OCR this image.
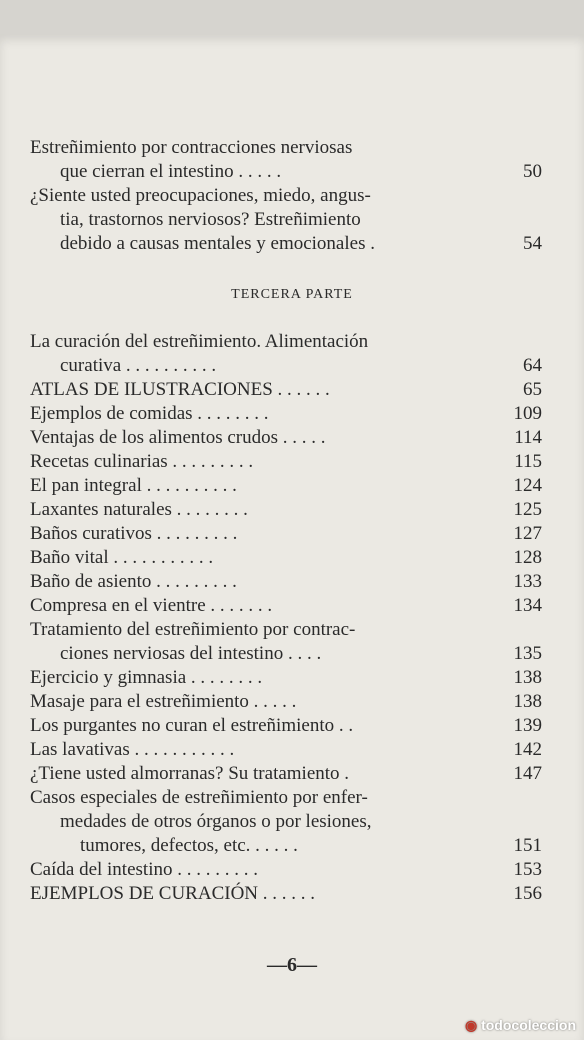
Estreñimiento por contracciones nerviosas
que cierran el intestino . . . . .	50
¿Siente usted preocupaciones, miedo, angus-
tia, trastornos nerviosos? Estreñimiento
debido a causas mentales y emocionales .	54
La curación del estreñimiento. Alimentación
curativa . . . . . . . . . .	64
ATLAS DE ILUSTRACIONES . . . . . .	65
Ejemplos de comidas . . . . . . . .	109
Ventajas de los alimentos crudos . . . . .	114
Recetas culinarias . . . . . . . . .	115
El pan integral . . . . . . . . . .	124
Laxantes naturales . . . . . . . .	125
Baños curativos . . . . . . . . .	127
Baño vital . . . . . . . . . . .	128
Baño de asiento . . . . . . . . .	133
Compresa en el vientre . . . . . . .	134
Tratamiento del estreñimiento por contrac-
ciones nerviosas del intestino . . . .	135
Ejercicio y gimnasia . . . . . . . .	138
Masaje para el estreñimiento . . . . .	138
Los purgantes no curan el estreñimiento . .	139
Las lavativas . . . . . . . . . . .	142
¿Tiene usted almorranas? Su tratamiento .	147
Casos especiales de estreñimiento por enfer-
medades de otros órganos o por lesiones,
tumores, defectos, etc. . . . . .	151
Caída del intestino . . . . . . . . .	153
EJEMPLOS DE CURACIÓN . . . . . .	156
TERCERA PARTE
—6—
◉ todocoleccion
